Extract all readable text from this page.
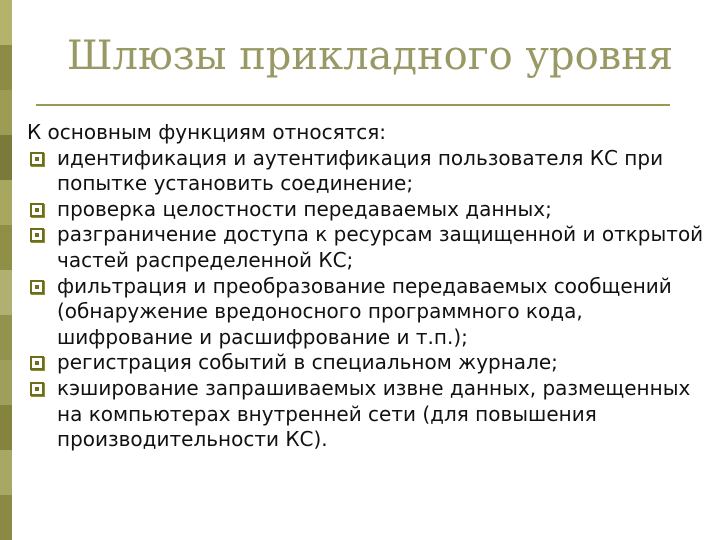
Шлюзы прикладного уровня

К основным функциям относятся:

идентификация и аутентификация пользователя КС при попытке установить соединение;
проверка целостности передаваемых данных;
разграничение доступа к ресурсам защищенной и открытой частей распределенной КС;
фильтрация и преобразование передаваемых сообщений (обнаружение вредоносного программного кода, шифрование и расшифрование и т.п.);
регистрация событий в специальном журнале;
кэширование запрашиваемых извне данных, размещенных на компьютерах внутренней сети (для повышения производительности КС).
